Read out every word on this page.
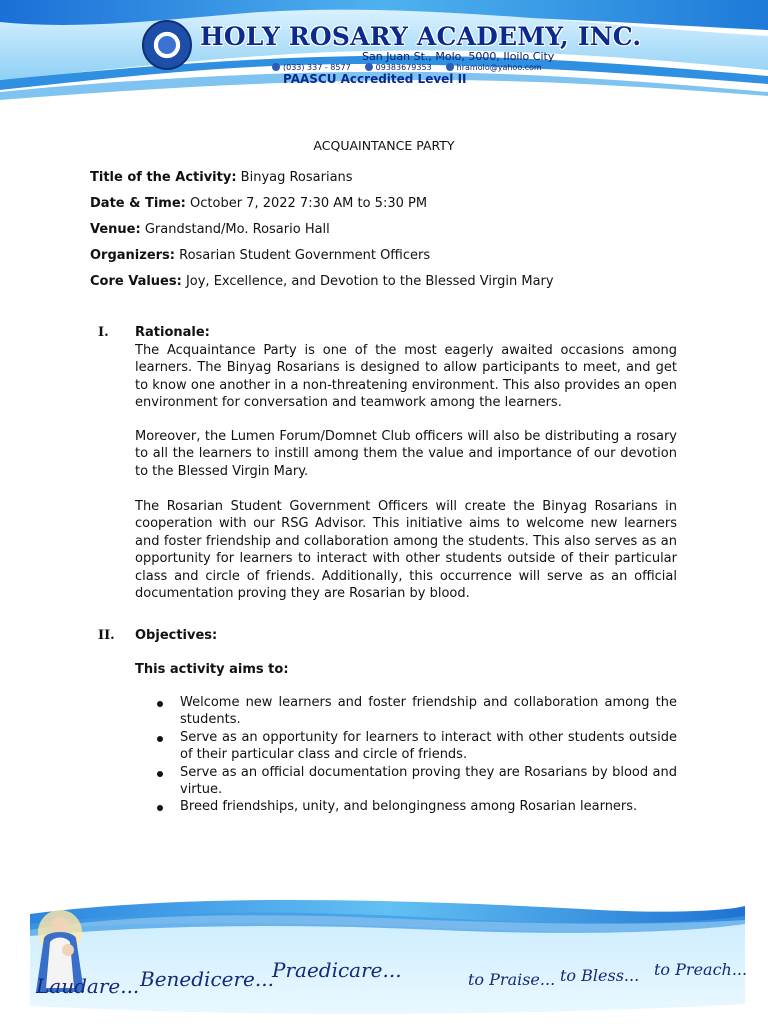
HOLY ROSARY ACADEMY, INC.
San Juan St., Molo, 5000, Iloilo City
(033) 337 - 8577	09383679353	hramolo@yahoo.com
PAASCU Accredited Level II
ACQUAINTANCE PARTY
Title of the Activity: Binyag Rosarians
Date & Time: October 7, 2022 7:30 AM to 5:30 PM
Venue: Grandstand/Mo. Rosario Hall
Organizers: Rosarian Student Government Officers
Core Values: Joy, Excellence, and Devotion to the Blessed Virgin Mary
I. Rationale:
The Acquaintance Party is one of the most eagerly awaited occasions among learners. The Binyag Rosarians is designed to allow participants to meet, and get to know one another in a non-threatening environment. This also provides an open environment for conversation and teamwork among the learners.
Moreover, the Lumen Forum/Domnet Club officers will also be distributing a rosary to all the learners to instill among them the value and importance of our devotion to the Blessed Virgin Mary.
The Rosarian Student Government Officers will create the Binyag Rosarians in cooperation with our RSG Advisor. This initiative aims to welcome new learners and foster friendship and collaboration among the students. This also serves as an opportunity for learners to interact with other students outside of their particular class and circle of friends. Additionally, this occurrence will serve as an official documentation proving they are Rosarian by blood.
II. Objectives:
This activity aims to:
Welcome new learners and foster friendship and collaboration among the students.
Serve as an opportunity for learners to interact with other students outside of their particular class and circle of friends.
Serve as an official documentation proving they are Rosarians by blood and virtue.
Breed friendships, unity, and belongingness among Rosarian learners.
Laudare... Benedicere...
Praedicare...	to Praise... to Bless... to Preach...
